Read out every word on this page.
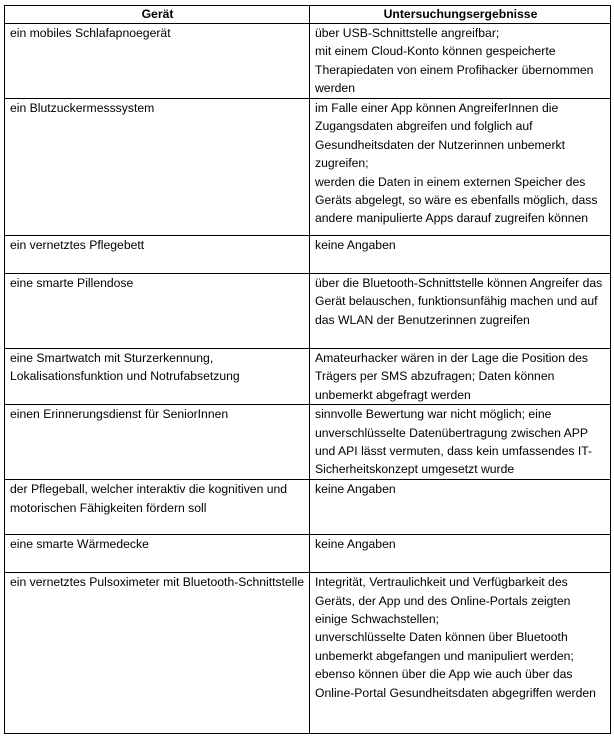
Gerät	Untersuchungsergebnisse
ein mobiles Schlafapnoegerät	über USB-Schnittstelle angreifbar;
mit einem Cloud-Konto können gespeicherte Therapiedaten von einem Profihacker übernommen werden
ein Blutzuckermesssystem	im Falle einer App können AngreiferInnen die Zugangsdaten abgreifen und folglich auf Gesundheitsdaten der Nutzerinnen unbemerkt zugreifen;
werden die Daten in einem externen Speicher des Geräts abgelegt, so wäre es ebenfalls möglich, dass andere manipulierte Apps darauf zugreifen können
ein vernetztes Pflegebett	keine Angaben
eine smarte Pillendose	über die Bluetooth-Schnittstelle können Angreifer das Gerät belauschen, funktionsunfähig machen und auf das WLAN der Benutzerinnen zugreifen
eine Smartwatch mit Sturzerkennung, Lokalisationsfunktion und Notrufabsetzung	Amateurhacker wären in der Lage die Position des Trägers per SMS abzufragen; Daten können unbemerkt abgefragt werden
einen Erinnerungsdienst für SeniorInnen	sinnvolle Bewertung war nicht möglich; eine unverschlüsselte Datenübertragung zwischen APP und API lässt vermuten, dass kein umfassendes IT-Sicherheitskonzept umgesetzt wurde
der Pflegeball, welcher interaktiv die kognitiven und motorischen Fähigkeiten fördern soll	keine Angaben
eine smarte Wärmedecke	keine Angaben
ein vernetztes Pulsoximeter mit Bluetooth-Schnittstelle	Integrität, Vertraulichkeit und Verfügbarkeit des Geräts, der App und des Online-Portals zeigten einige Schwachstellen;
unverschlüsselte Daten können über Bluetooth unbemerkt abgefangen und manipuliert werden;
ebenso können über die App wie auch über das Online-Portal Gesundheitsdaten abgegriffen werden
